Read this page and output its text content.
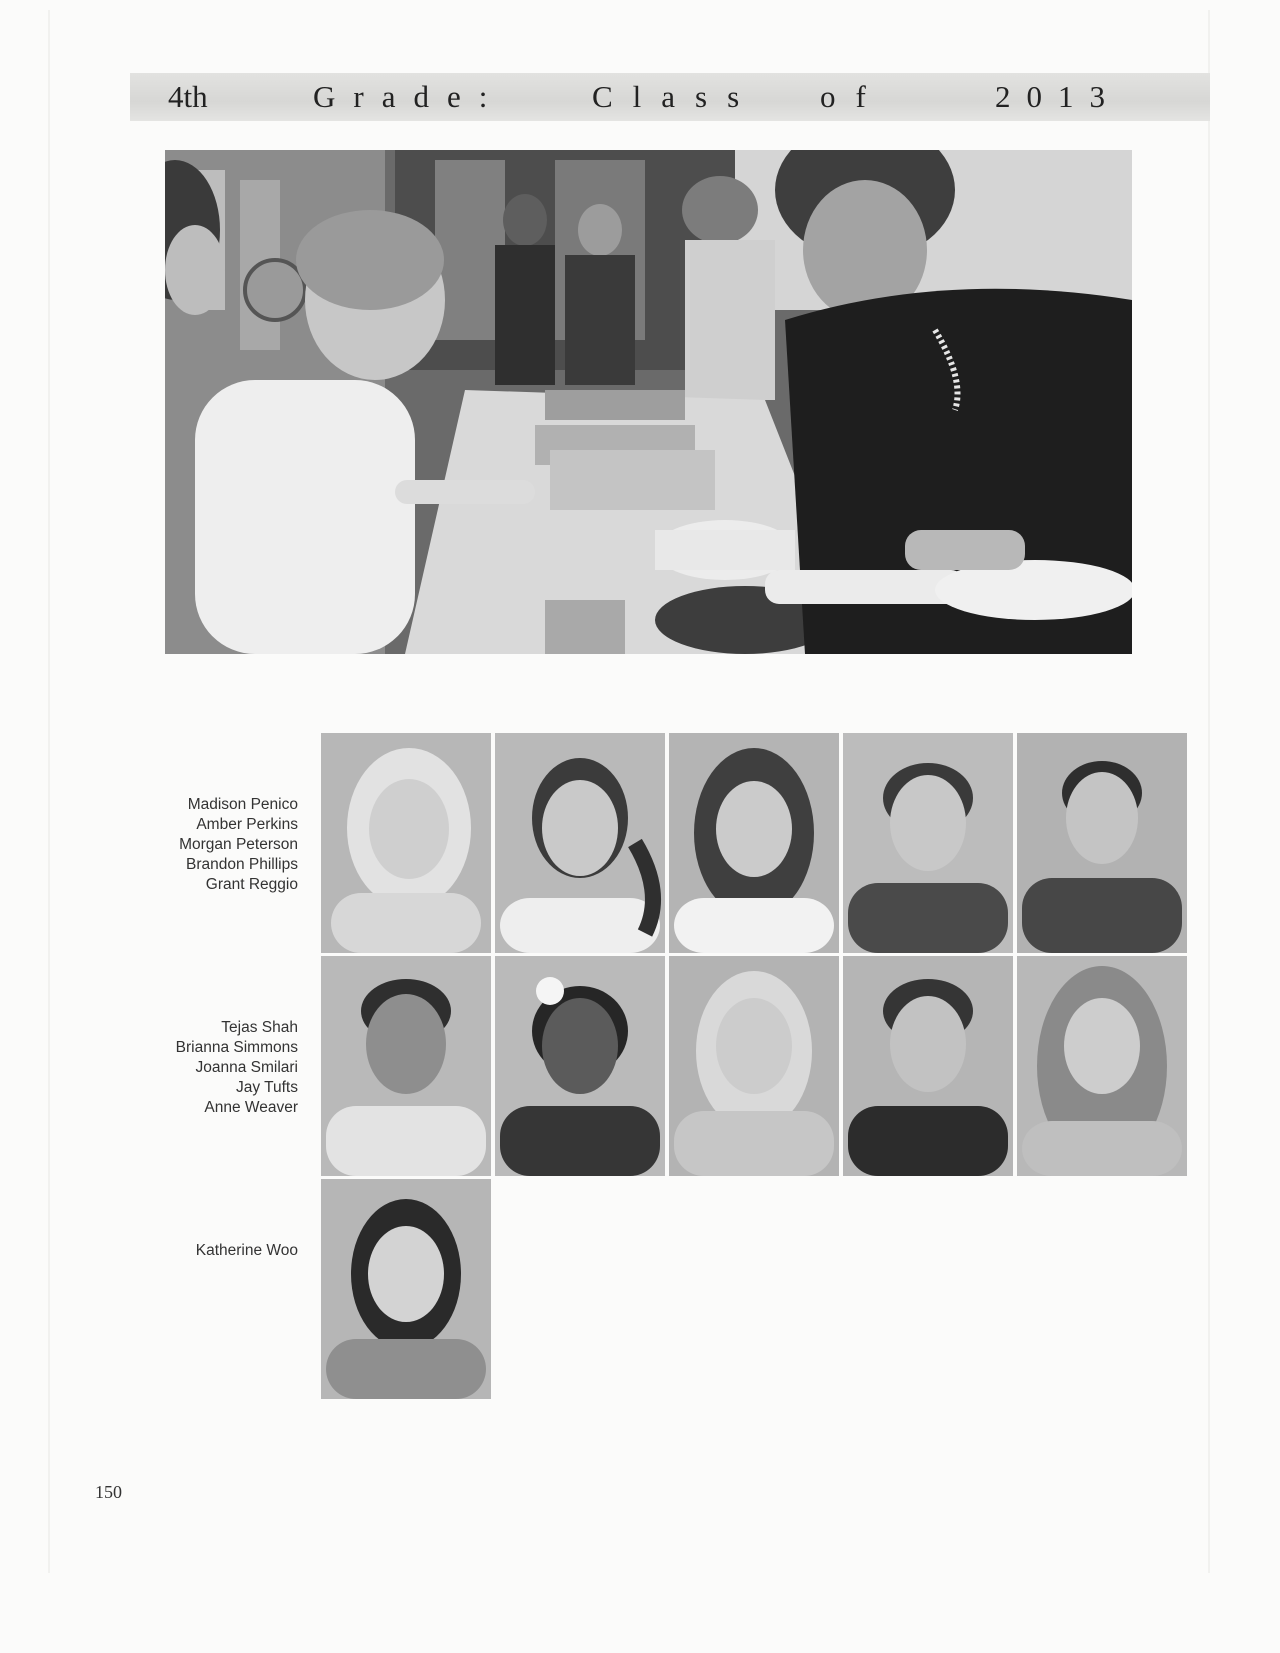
4th	Grade:	Class of	2013
Madison Penico
Amber Perkins
Morgan Peterson
Brandon Phillips
Grant Reggio
Tejas Shah
Brianna Simmons
Joanna Smilari
Jay Tufts
Anne Weaver
Katherine Woo
150
